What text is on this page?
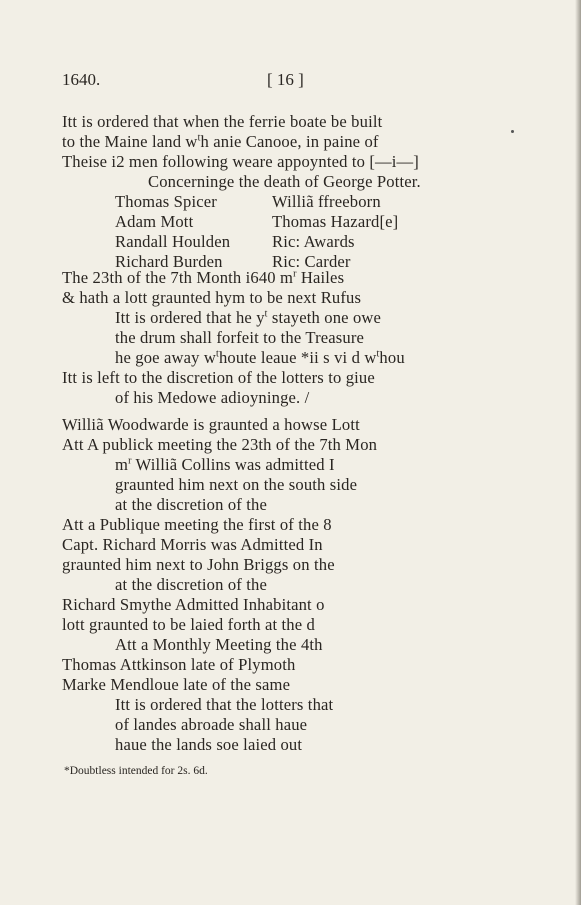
1640.	[ 16 ]
Itt is ordered that when the ferrie boate be built
to the Maine land $w^th$ anie Canooe, in paine of
Theise i2 men following weare appoynted to [—i—]
Concerninge the death of George Potter.
The 23th of the 7th Month i640 $m^r$ Hailes
& hath a lott graunted hym to be next Rufus
Itt is ordered that he $y^t$ stayeth one owe
the drum shall forfeit to the Treasure
he goe away $w^thoute$ leaue *ii s vi d $w^thou$
Itt is left to the discretion of the lotters to giue
of his Medowe adioyninge. /
Williã Woodwarde is graunted a howse Lott
Att A publick meeting the 23th of the 7th Mon
$m^r$ Williã Collins was admitted I
graunted him next on the south side
at the discretion of the
Att a Publique meeting the first of the 8
Capt. Richard Morris was Admitted In
graunted him next to John Briggs on the
at the discretion of the
Richard Smythe Admitted Inhabitant o
lott graunted to be laied forth at the d
Att a Monthly Meeting the 4th
Thomas Attkinson late of Plymoth
Marke Mendloue late of the same
Itt is ordered that the lotters that
of landes abroade shall haue
haue the lands soe laied out
Thomas Spicer	Williã ffreeborn
Adam Mott	Thomas Hazard[e]
Randall Houlden	Ric: Awards
Richard Burden	Ric: Carder
*Doubtless intended for 2s. 6d.
